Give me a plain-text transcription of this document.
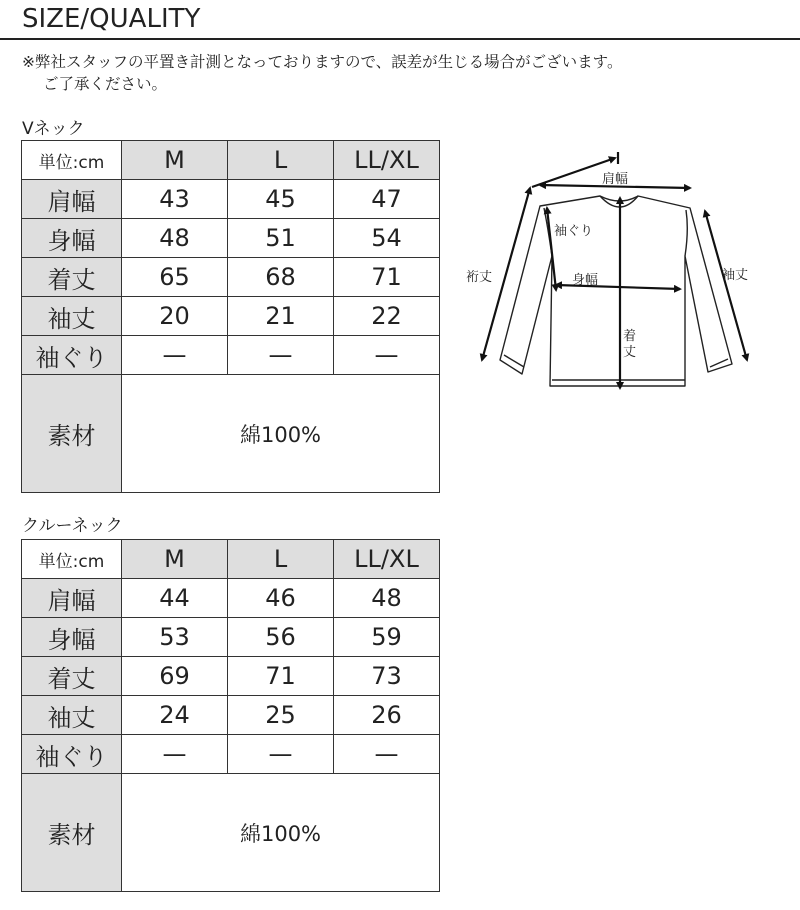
SIZE/QUALITY
※弊社スタッフの平置き計測となっておりますので、誤差が生じる場合がございます。
ご了承ください。
Vネック
単位:cm	M	L	LL/XL
肩幅	43	45	47
身幅	48	51	54
着丈	65	68	71
袖丈	20	21	22
袖ぐり	—	—	—
素材	綿100%		
クルーネック
単位:cm	M	L	LL/XL
肩幅	44	46	48
身幅	53	56	59
着丈	69	71	73
袖丈	24	25	26
袖ぐり	—	—	—
素材	綿100%		
肩幅
袖ぐり
裄丈	身幅	袖丈
着
丈
